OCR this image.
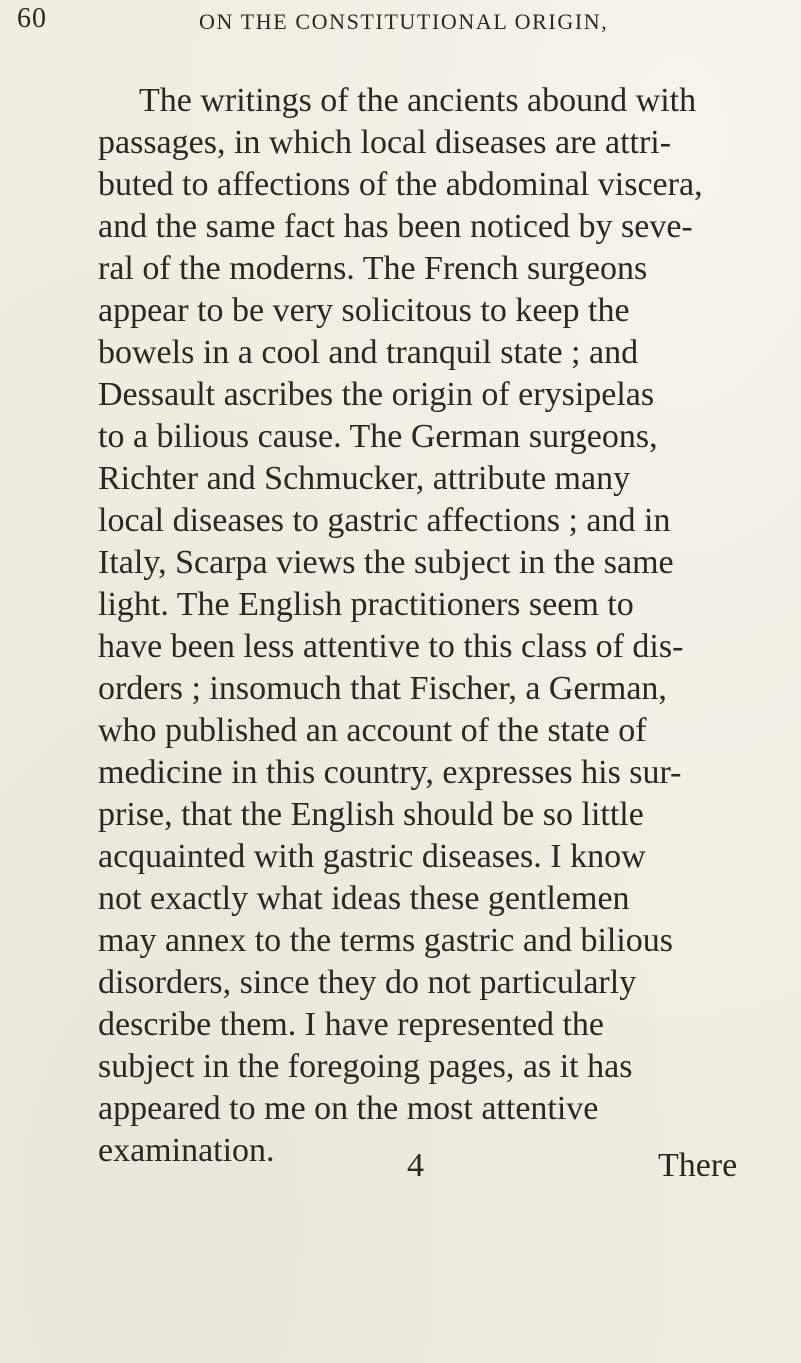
60	ON THE CONSTITUTIONAL ORIGIN,
The writings of the ancients abound with
passages, in which local diseases are attri-
buted to affections of the abdominal viscera,
and the same fact has been noticed by seve-
ral of the moderns. The French surgeons
appear to be very solicitous to keep the
bowels in a cool and tranquil state ; and
Dessault ascribes the origin of erysipelas
to a bilious cause. The German surgeons,
Richter and Schmucker, attribute many
local diseases to gastric affections ; and in
Italy, Scarpa views the subject in the same
light. The English practitioners seem to
have been less attentive to this class of dis-
orders ; insomuch that Fischer, a German,
who published an account of the state of
medicine in this country, expresses his sur-
prise, that the English should be so little
acquainted with gastric diseases. I know
not exactly what ideas these gentlemen
may annex to the terms gastric and bilious
disorders, since they do not particularly
describe them. I have represented the
subject in the foregoing pages, as it has
appeared to me on the most attentive
examination.	4	There
